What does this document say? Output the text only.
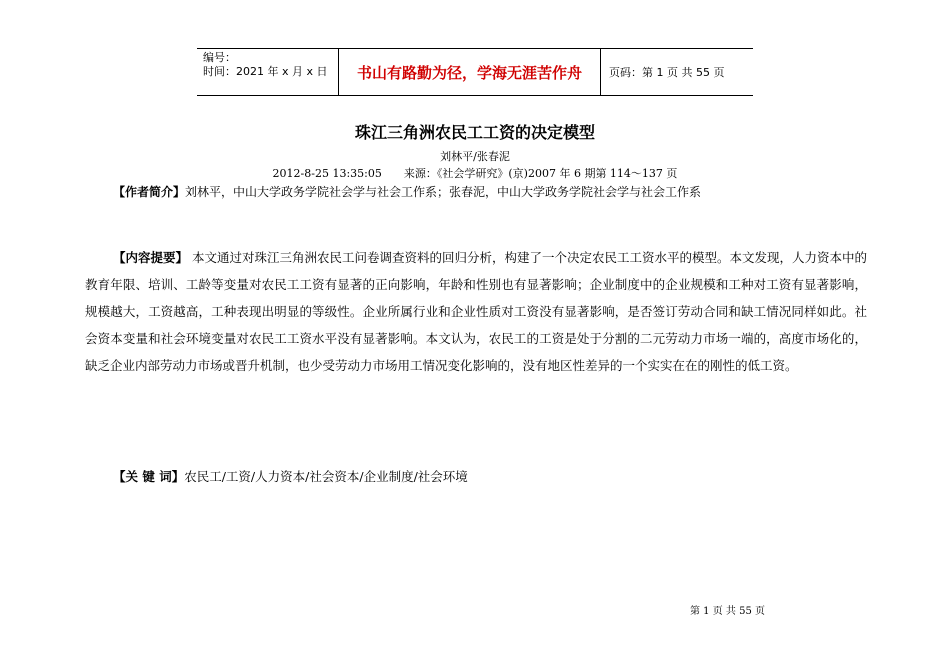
编号：
时间：2021 年 x 月 x 日	书山有路勤为径，学海无涯苦作舟	页码：第 1 页 共 55 页
珠江三角洲农民工工资的决定模型
刘林平/张春泥
2012-8-25 13:35:05 来源：《社会学研究》(京)2007 年 6 期第 114～137 页
【作者简介】刘林平，中山大学政务学院社会学与社会工作系；张春泥，中山大学政务学院社会学与社会工作系

【内容提要】 本文通过对珠江三角洲农民工问卷调查资料的回归分析，构建了一个决定农民工工资水平的模型。本文发现，人力资本中的教育年限、培训、工龄等变量对农民工工资有显著的正向影响，年龄和性别也有显著影响；企业制度中的企业规模和工种对工资有显著影响，规模越大，工资越高，工种表现出明显的等级性。企业所属行业和企业性质对工资没有显著影响，是否签订劳动合同和缺工情况同样如此。社会资本变量和社会环境变量对农民工工资水平没有显著影响。本文认为，农民工的工资是处于分割的二元劳动力市场一端的，高度市场化的，缺乏企业内部劳动力市场或晋升机制，也少受劳动力市场用工情况变化影响的，没有地区性差异的一个实实在在的刚性的低工资。

【关 键 词】农民工/工资/人力资本/社会资本/企业制度/社会环境
第 1 页 共 55 页
